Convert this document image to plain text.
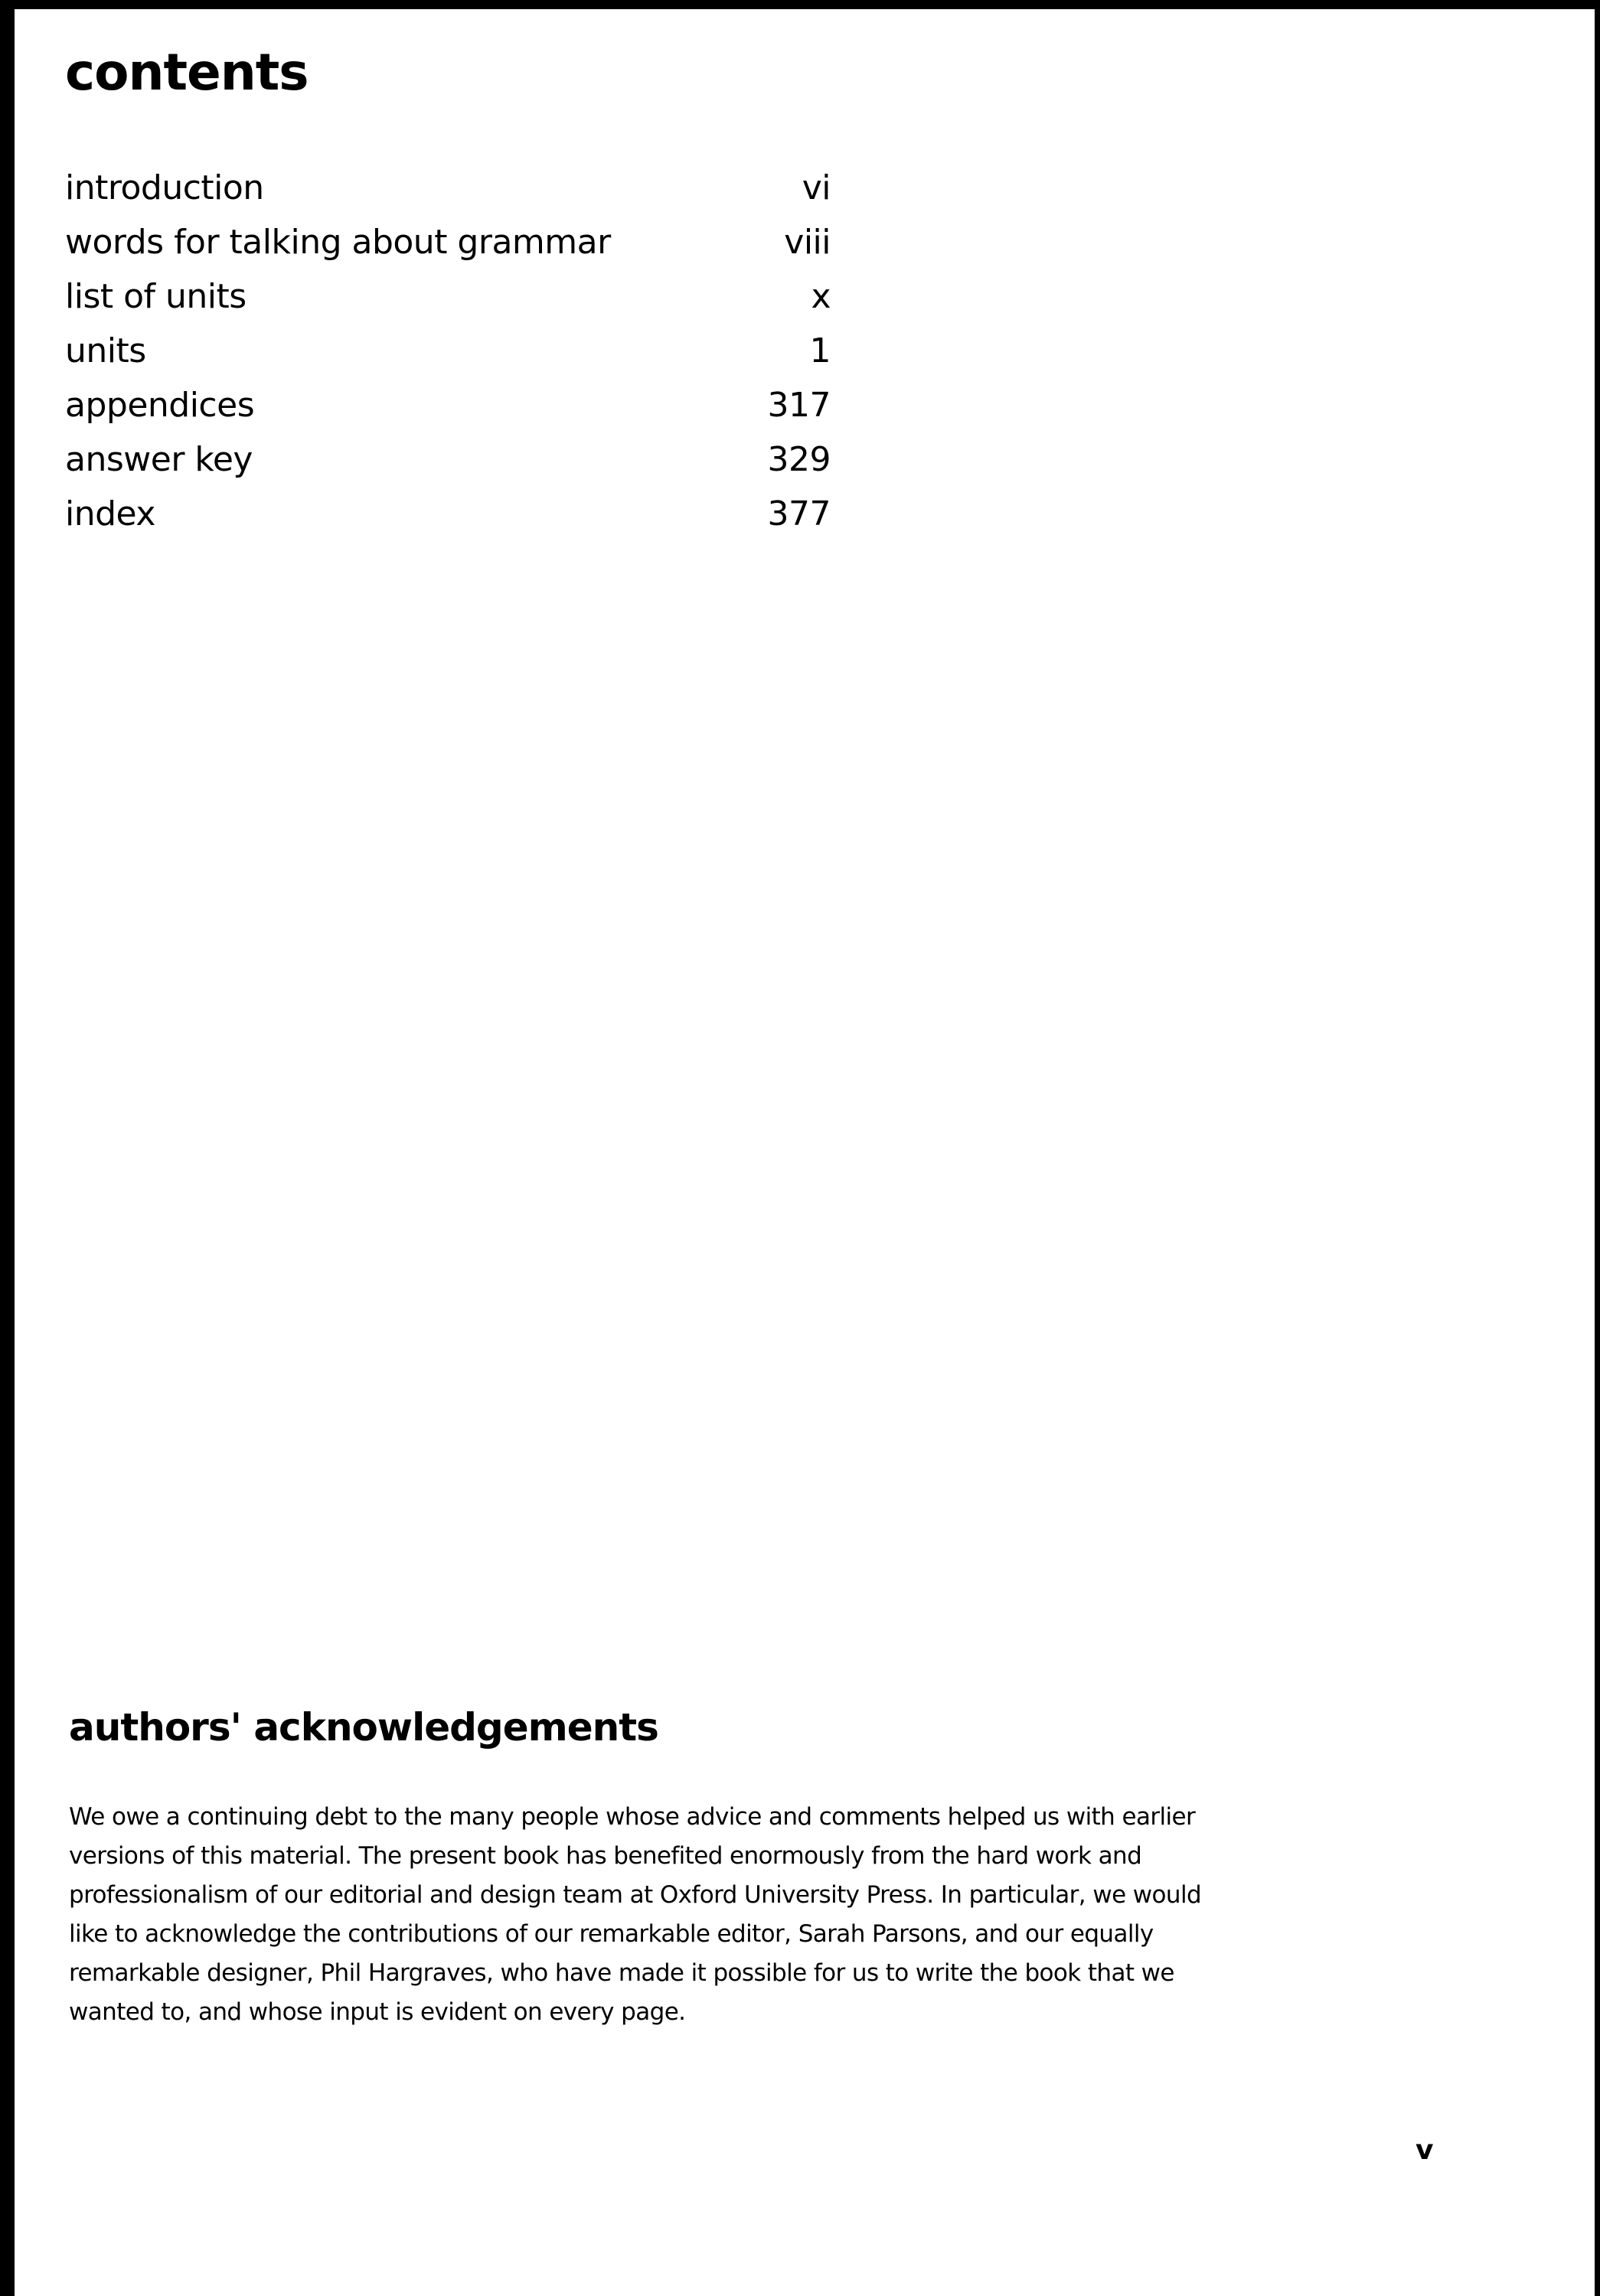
contents
introduction	vi
words for talking about grammar	viii
list of units	x
units	1
appendices	317
answer key	329
index	377
authors' acknowledgements

We owe a continuing debt to the many people whose advice and comments helped us with earlier versions of this material. The present book has benefited enormously from the hard work and professionalism of our editorial and design team at Oxford University Press. In particular, we would like to acknowledge the contributions of our remarkable editor, Sarah Parsons, and our equally remarkable designer, Phil Hargraves, who have made it possible for us to write the book that we wanted to, and whose input is evident on every page.

v
